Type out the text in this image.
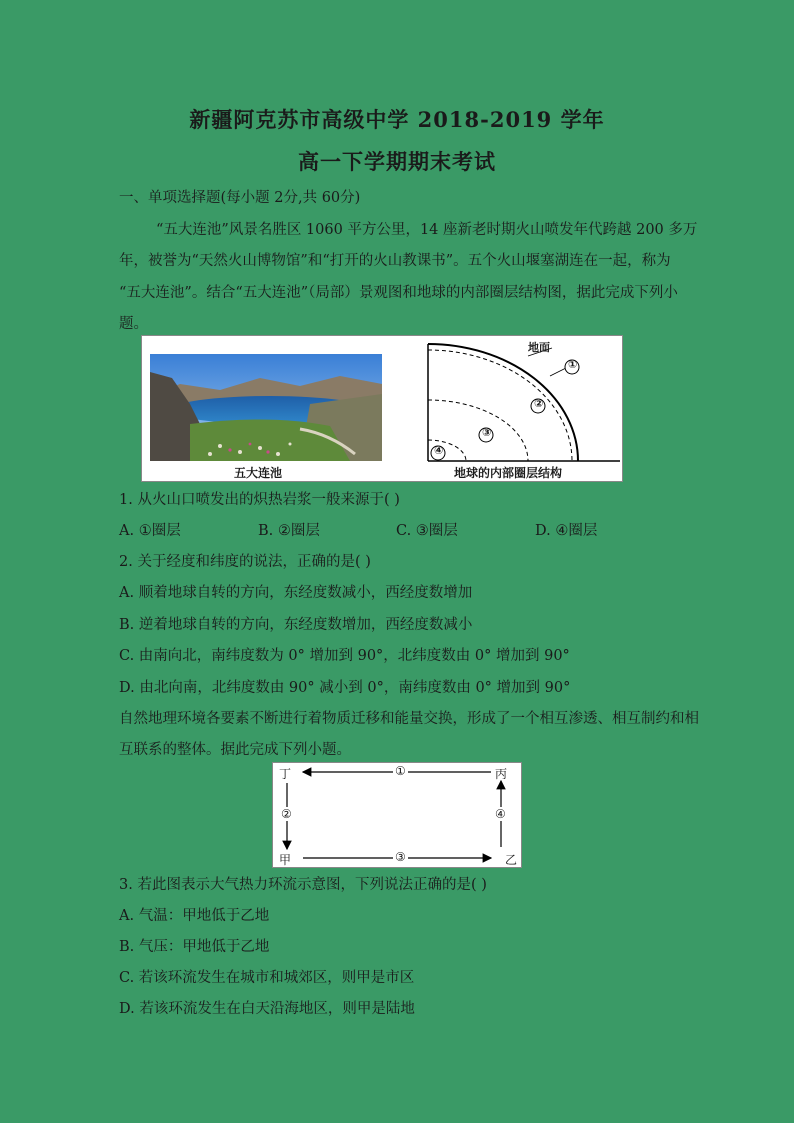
新疆阿克苏市高级中学 2018-2019 学年
高一下学期期末考试
一、单项选择题(每小题 2分,共 60分)
“五大连池”风景名胜区 1060 平方公里，14 座新老时期火山喷发年代跨越 200 多万
年，被誉为“天然火山博物馆”和“打开的火山教课书”。五个火山堰塞湖连在一起，称为
“五大连池”。结合“五大连池”（局部）景观图和地球的内部圈层结构图，据此完成下列小
题。
五大连池
地面
①
②
③
④
地球的内部圈层结构
1. 从火山口喷发出的炽热岩浆一般来源于( )
A. ①圈层	B. ②圈层	C. ③圈层	D. ④圈层
2. 关于经度和纬度的说法，正确的是( )
A. 顺着地球自转的方向，东经度数减小，西经度数增加
B. 逆着地球自转的方向，东经度数增加，西经度数减小
C. 由南向北，南纬度数为 0° 增加到 90°，北纬度数由 0° 增加到 90°
D. 由北向南，北纬度数由 90° 减小到 0°，南纬度数由 0° 增加到 90°
自然地理环境各要素不断进行着物质迁移和能量交换，形成了一个相互渗透、相互制约和相
互联系的整体。据此完成下列小题。
丁	丙
甲	乙
①
②
③
④
3. 若此图表示大气热力环流示意图，下列说法正确的是( )
A. 气温：甲地低于乙地
B. 气压：甲地低于乙地
C. 若该环流发生在城市和城郊区，则甲是市区
D. 若该环流发生在白天沿海地区，则甲是陆地
